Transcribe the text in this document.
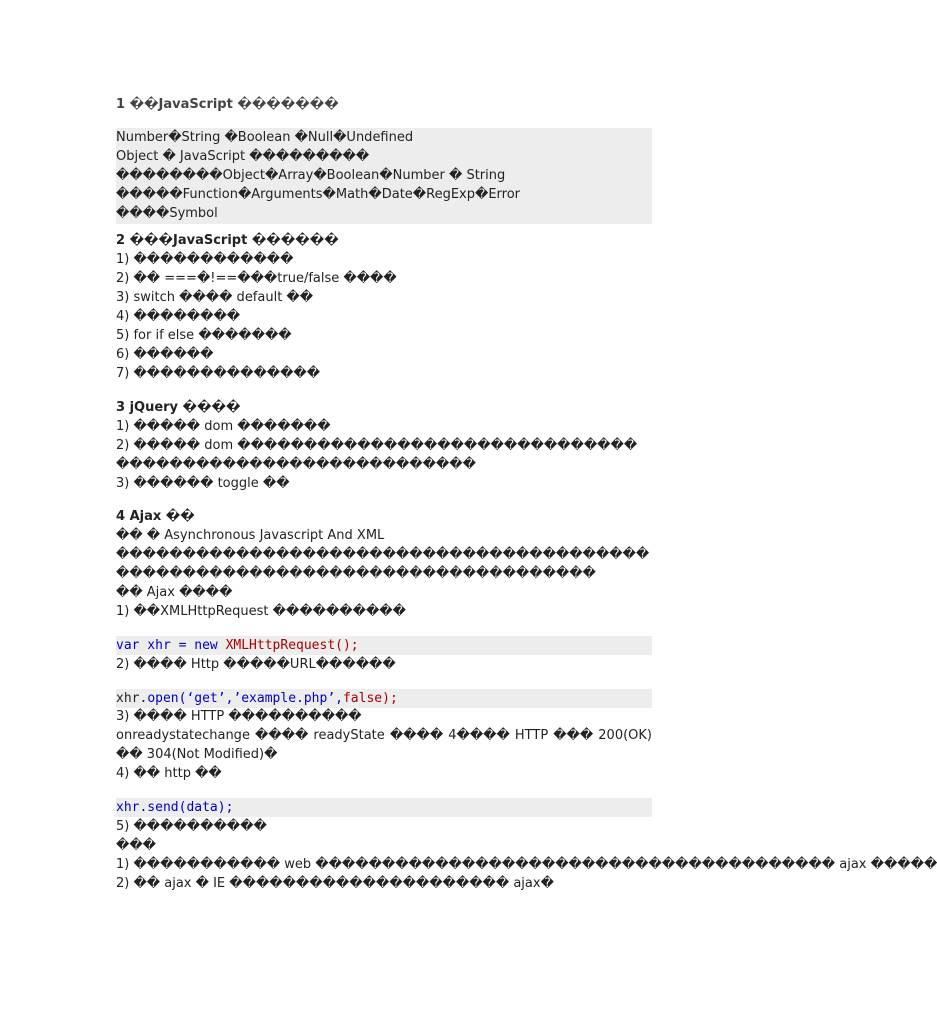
1 ��JavaScript �������
Number�String �Boolean �Null�Undefined
Object � JavaScript ���������
��������Object�Array�Boolean�Number � String
�����Function�Arguments�Math�Date�RegExp�Error
����Symbol
2 ���JavaScript ������
1) ������������
2) �� ===�!==���true/false ����
3) switch ���� default ��
4) ��������
5) for if else �������
6) ������
7) ��������������
3 jQuery ����
1) ����� dom �������
2) ����� dom ������������������������������
���������������������������
3) ������ toggle ��
4 Ajax ��
�� � Asynchronous Javascript And XML
����������������������������������������������������������������������������
�� Ajax ����
1) ��XMLHttpRequest ����������
var xhr = new XMLHttpRequest();
2) ���� Http �����URL������
xhr.open(‘get’,’example.php’,false);
3) ���� HTTP ����������
onreadystatechange ���� readyState ���� 4���� HTTP ��� 200(OK) �� 304(Not Modified)�
4) �� http ��
xhr.send(data);
5) ����������
���
1) ����������� web ��������������������������������������� ajax �����
2) �� ajax � IE ��������������������� ajax�
